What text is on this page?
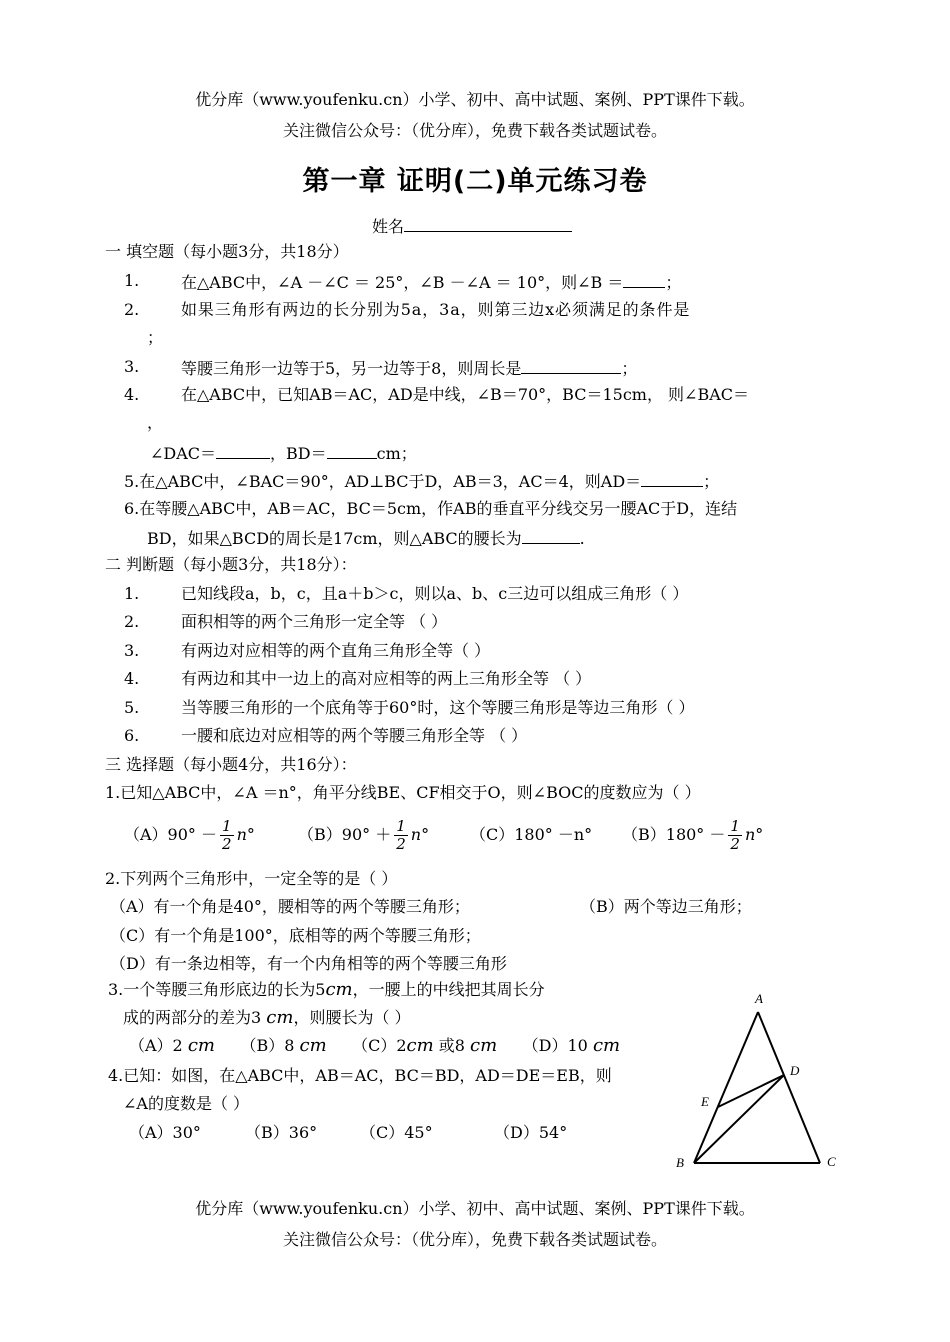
优分库（www.youfenku.cn）小学、初中、高中试题、案例、PPT课件下载。
关注微信公众号：（优分库），免费下载各类试题试卷。
第一章 证明(二)单元练习卷
姓名
一 填空题（每小题3分，共18分）
1.	在△ABC中，∠A －∠C ＝ 25°，∠B －∠A ＝ 10°，则∠B ＝	；
2.	如果三角形有两边的长分别为5a，3a，则第三边x必须满足的条件是
；
3.	等腰三角形一边等于5，另一边等于8，则周长是	；
4.	在△ABC中，已知AB＝AC，AD是中线，∠B＝70°，BC＝15cm， 则∠BAC＝
，
∠DAC＝	，BD＝	cm；
5.在△ABC中，∠BAC＝90°，AD⊥BC于D，AB＝3，AC＝4，则AD＝	；
6.在等腰△ABC中，AB＝AC，BC＝5cm，作AB的垂直平分线交另一腰AC于D，连结
BD，如果△BCD的周长是17cm，则△ABC的腰长为	.
二 判断题（每小题3分，共18分）：
1.	已知线段a，b，c，且a＋b＞c，则以a、b、c三边可以组成三角形（ ）
2.	面积相等的两个三角形一定全等 （ ）
3.	有两边对应相等的两个直角三角形全等（ ）
4.	有两边和其中一边上的高对应相等的两上三角形全等 （ ）
5.	当等腰三角形的一个底角等于60°时，这个等腰三角形是等边三角形（ ）
6.	一腰和底边对应相等的两个等腰三角形全等 （ ）
三 选择题（每小题4分，共16分）：
1.已知△ABC中，∠A ＝n°，角平分线BE、CF相交于O，则∠BOC的度数应为（ ）
$(A)90^\circ - \frac{1}{2} n^\circ$	$(B)90^\circ + \frac{1}{2} n^\circ$	（C）180° －n° $(B)180^\circ - \frac{1}{2} n^\circ$
2.下列两个三角形中，一定全等的是（ ）
（A）有一个角是40°，腰相等的两个等腰三角形；	（B）两个等边三角形；
（C）有一个角是100°，底相等的两个等腰三角形；
（D）有一条边相等，有一个内角相等的两个等腰三角形
3.一个等腰三角形底边的长为5cm，一腰上的中线把其周长分
成的两部分的差为3 cm，则腰长为（ ）
（A）2 cm （B）8 cm （C）2cm 或8 cm （D）10 cm
4.已知：如图，在△ABC中，AB＝AC，BC＝BD，AD＝DE＝EB，则
∠A的度数是（ ）
（A）30°	（B）36°	（C）45°	（D）54°
A
B	C
D
E
优分库（www.youfenku.cn）小学、初中、高中试题、案例、PPT课件下载。
关注微信公众号：（优分库），免费下载各类试题试卷。
